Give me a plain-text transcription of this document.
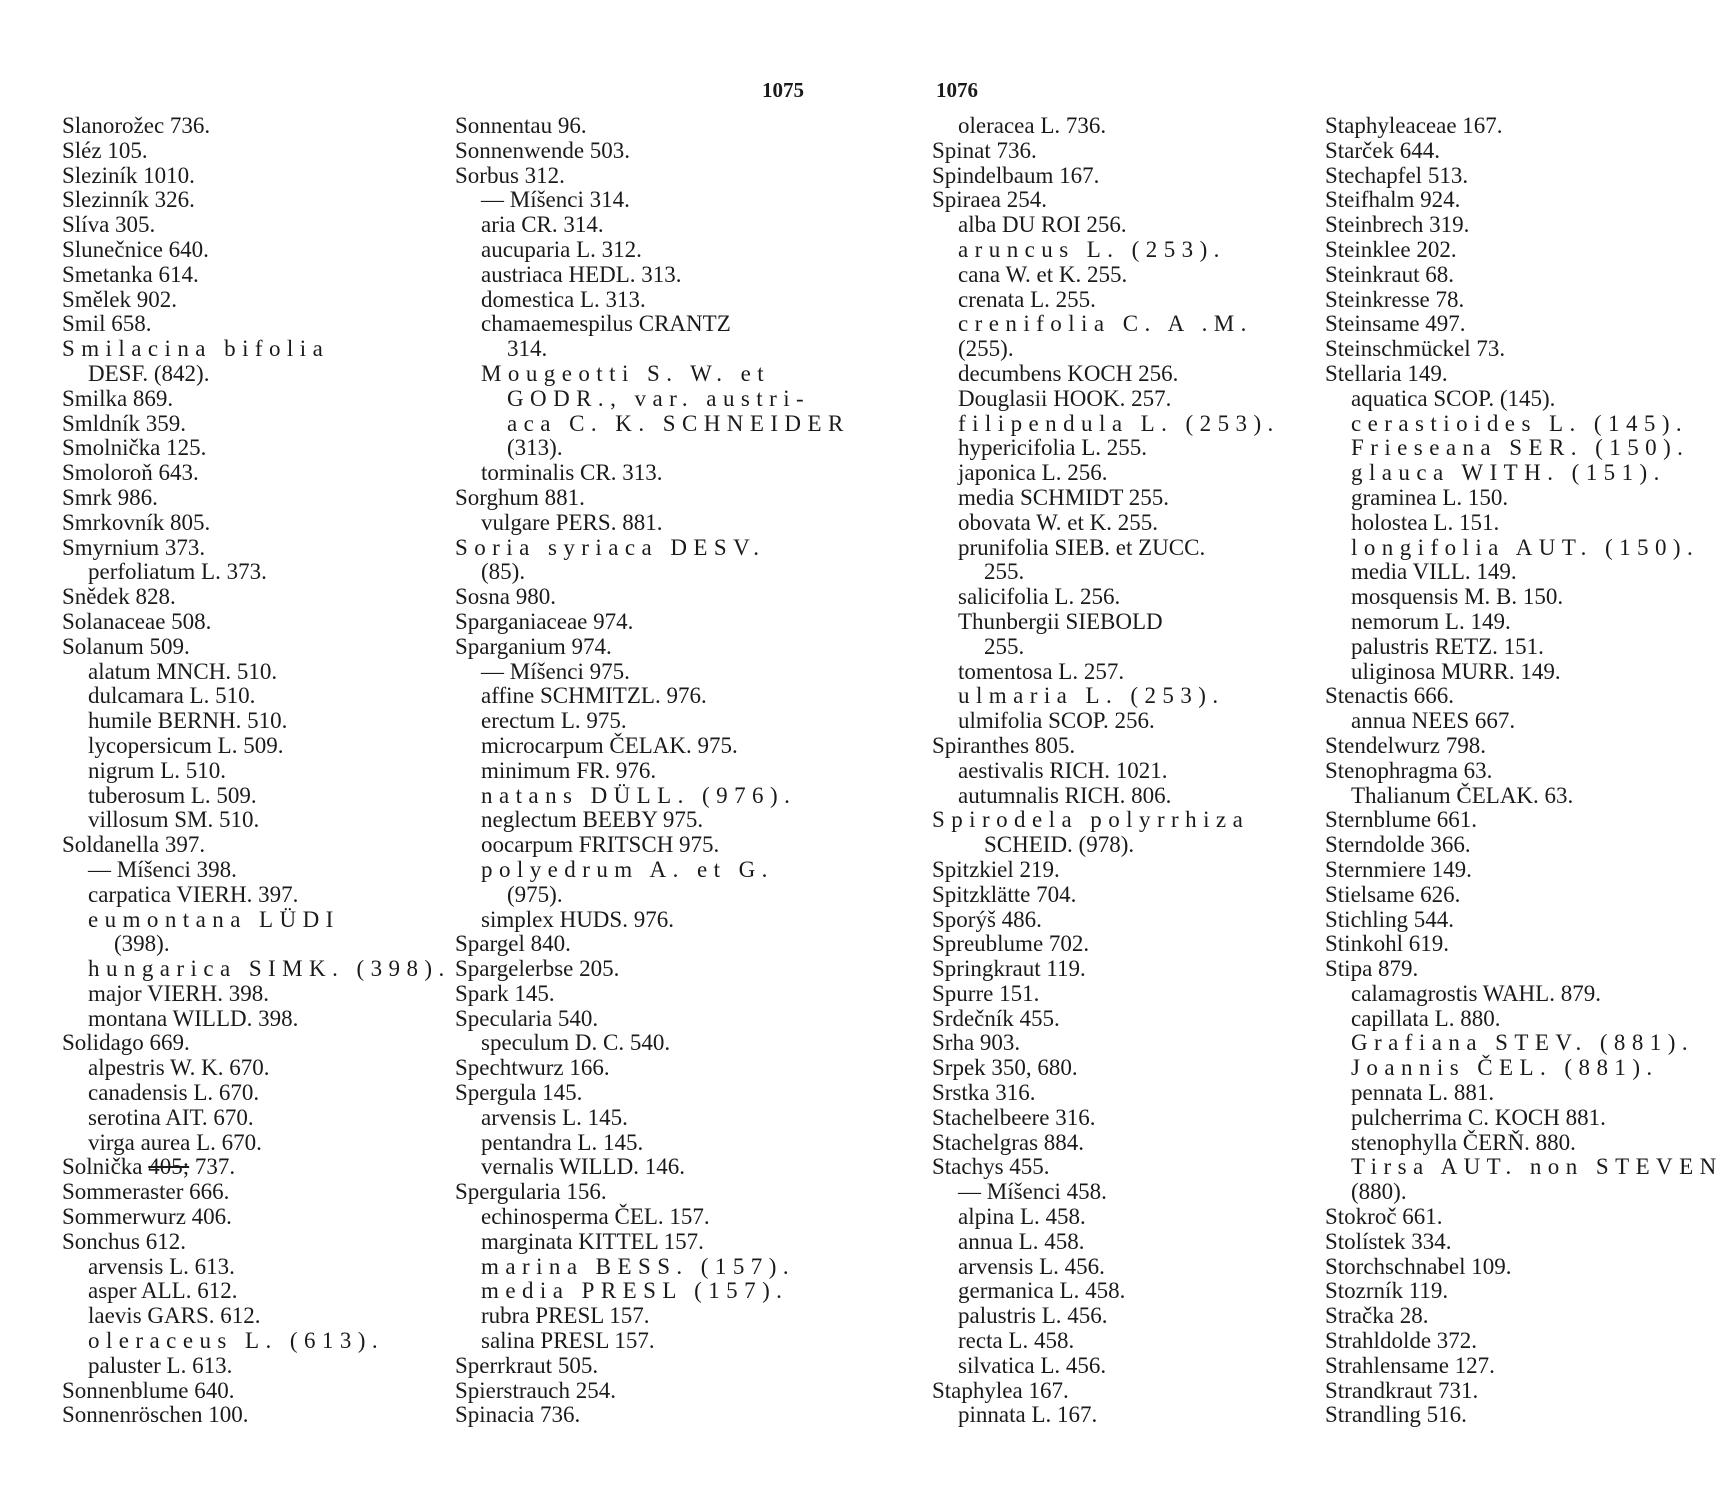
1075	1076
Slanorožec 736.
Sléz 105.
Sleziník 1010.
Slezinník 326.
Slíva 305.
Slunečnice 640.
Smetanka 614.
Smělek 902.
Smil 658.
Smilacina bifolia
DESF. (842).
Smilka 869.
Smldník 359.
Smolnička 125.
Smoloroň 643.
Smrk 986.
Smrkovník 805.
Smyrnium 373.
perfoliatum L. 373.
Snědek 828.
Solanaceae 508.
Solanum 509.
alatum MNCH. 510.
dulcamara L. 510.
humile BERNH. 510.
lycopersicum L. 509.
nigrum L. 510.
tuberosum L. 509.
villosum SM. 510.
Soldanella 397.
— Míšenci 398.
carpatica VIERH. 397.
eumontana LÜDI
(398).
hungarica SIMK. (398).
major VIERH. 398.
montana WILLD. 398.
Solidago 669.
alpestris W. K. 670.
canadensis L. 670.
serotina AIT. 670.
virga aurea L. 670.
Solnička 405; 737.
Sommeraster 666.
Sommerwurz 406.
Sonchus 612.
arvensis L. 613.
asper ALL. 612.
laevis GARS. 612.
oleraceus L. (613).
paluster L. 613.
Sonnenblume 640.
Sonnenröschen 100.
Sonnentau 96.
Sonnenwende 503.
Sorbus 312.
— Míšenci 314.
aria CR. 314.
aucuparia L. 312.
austriaca HEDL. 313.
domestica L. 313.
chamaemespilus CRANTZ
314.
Mougeotti S. W. et
GODR., var. austri-
aca C. K. SCHNEIDER
(313).
torminalis CR. 313.
Sorghum 881.
vulgare PERS. 881.
Soria syriaca DESV.
(85).
Sosna 980.
Sparganiaceae 974.
Sparganium 974.
— Míšenci 975.
affine SCHMITZL. 976.
erectum L. 975.
microcarpum ČELAK. 975.
minimum FR. 976.
natans DÜLL. (976).
neglectum BEEBY 975.
oocarpum FRITSCH 975.
polyedrum A. et G.
(975).
simplex HUDS. 976.
Spargel 840.
Spargelerbse 205.
Spark 145.
Specularia 540.
speculum D. C. 540.
Spechtwurz 166.
Spergula 145.
arvensis L. 145.
pentandra L. 145.
vernalis WILLD. 146.
Spergularia 156.
echinosperma ČEL. 157.
marginata KITTEL 157.
marina BESS. (157).
media PRESL (157).
rubra PRESL 157.
salina PRESL 157.
Sperrkraut 505.
Spierstrauch 254.
Spinacia 736.
oleracea L. 736.
Spinat 736.
Spindelbaum 167.
Spiraea 254.
alba DU ROI 256.
aruncus L. (253).
cana W. et K. 255.
crenata L. 255.
crenifolia C. A .M.
(255).
decumbens KOCH 256.
Douglasii HOOK. 257.
filipendula L. (253).
hypericifolia L. 255.
japonica L. 256.
media SCHMIDT 255.
obovata W. et K. 255.
prunifolia SIEB. et ZUCC.
255.
salicifolia L. 256.
Thunbergii SIEBOLD
255.
tomentosa L. 257.
ulmaria L. (253).
ulmifolia SCOP. 256.
Spiranthes 805.
aestivalis RICH. 1021.
autumnalis RICH. 806.
Spirodela polyrrhiza
SCHEID. (978).
Spitzkiel 219.
Spitzklätte 704.
Sporýš 486.
Spreublume 702.
Springkraut 119.
Spurre 151.
Srdečník 455.
Srha 903.
Srpek 350, 680.
Srstka 316.
Stachelbeere 316.
Stachelgras 884.
Stachys 455.
— Míšenci 458.
alpina L. 458.
annua L. 458.
arvensis L. 456.
germanica L. 458.
palustris L. 456.
recta L. 458.
silvatica L. 456.
Staphylea 167.
pinnata L. 167.
Staphyleaceae 167.
Starček 644.
Stechapfel 513.
Steifhalm 924.
Steinbrech 319.
Steinklee 202.
Steinkraut 68.
Steinkresse 78.
Steinsame 497.
Steinschmückel 73.
Stellaria 149.
aquatica SCOP. (145).
cerastioides L. (145).
Frieseana SER. (150).
glauca WITH. (151).
graminea L. 150.
holostea L. 151.
longifolia AUT. (150).
media VILL. 149.
mosquensis M. B. 150.
nemorum L. 149.
palustris RETZ. 151.
uliginosa MURR. 149.
Stenactis 666.
annua NEES 667.
Stendelwurz 798.
Stenophragma 63.
Thalianum ČELAK. 63.
Sternblume 661.
Sterndolde 366.
Sternmiere 149.
Stielsame 626.
Stichling 544.
Stinkohl 619.
Stipa 879.
calamagrostis WAHL. 879.
capillata L. 880.
Grafiana STEV. (881).
Joannis ČEL. (881).
pennata L. 881.
pulcherrima C. KOCH 881.
stenophylla ČERŇ. 880.
Tirsa AUT. non STEVEN
(880).
Stokroč 661.
Stolístek 334.
Storchschnabel 109.
Stozrník 119.
Stračka 28.
Strahldolde 372.
Strahlensame 127.
Strandkraut 731.
Strandling 516.
